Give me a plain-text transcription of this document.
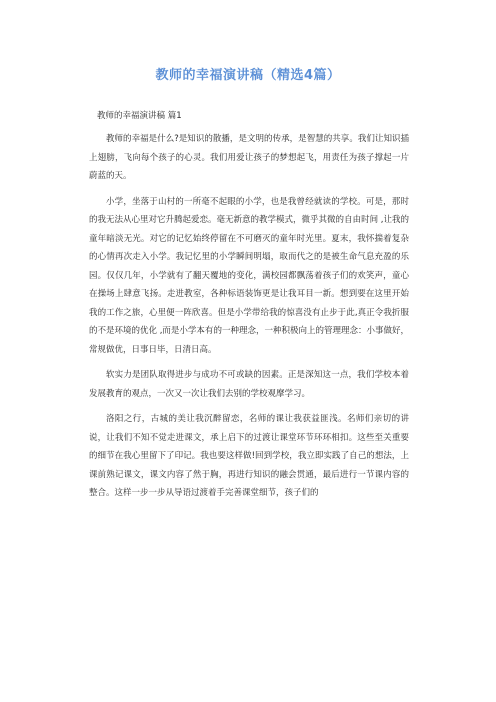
教师的幸福演讲稿（精选4篇）
教师的幸福演讲稿 篇1

教师的幸福是什么?是知识的散播，是文明的传承，是智慧的共享。我们让知识插上翅膀，飞向每个孩子的心灵。我们用爱让孩子的梦想起飞，用责任为孩子撑起一片蔚蓝的天。

小学，坐落于山村的一所毫不起眼的小学，也是我曾经就读的学校。可是，那时的我无法从心里对它升腾起爱恋。毫无新意的教学模式，微乎其微的自由时间 ,让我的童年暗淡无光。对它的记忆始终停留在不可磨灭的童年时光里。夏末，我怀揣着复杂的心情再次走入小学。我记忆里的小学瞬间明塌，取而代之的是被生命气息充盈的乐园。仅仅几年，小学就有了翻天覆地的变化，满校园都飘荡着孩子们的欢笑声，童心在操场上肆意飞扬。走进教室，各种标语装饰更是让我耳目一新。想到要在这里开始我的工作之旅，心里便一阵欣喜。但是小学带给我的惊喜没有止步于此,真正令我折服的不是环境的优化 ,而是小学本有的一种理念，一种积极向上的管理理念：小事做好，常规做优，日事日毕，日清日高。

软实力是团队取得进步与成功不可或缺的因素。正是深知这一点，我们学校本着发展教育的观点，一次又一次让我们去别的学校观摩学习。

洛阳之行，古城的美让我沉醉留恋，名师的课让我获益匪浅。名师们亲切的讲说，让我们不知不觉走进课文，承上启下的过渡让课堂环节环环相扣。这些至关重要的细节在我心里留下了印记。我也要这样做!回到学校，我立即实践了自己的想法，上课前熟记课文，课文内容了然于胸，再进行知识的融会贯通，最后进行一节课内容的整合。这样一步一步从导语过渡着手完善课堂细节，孩子们的
